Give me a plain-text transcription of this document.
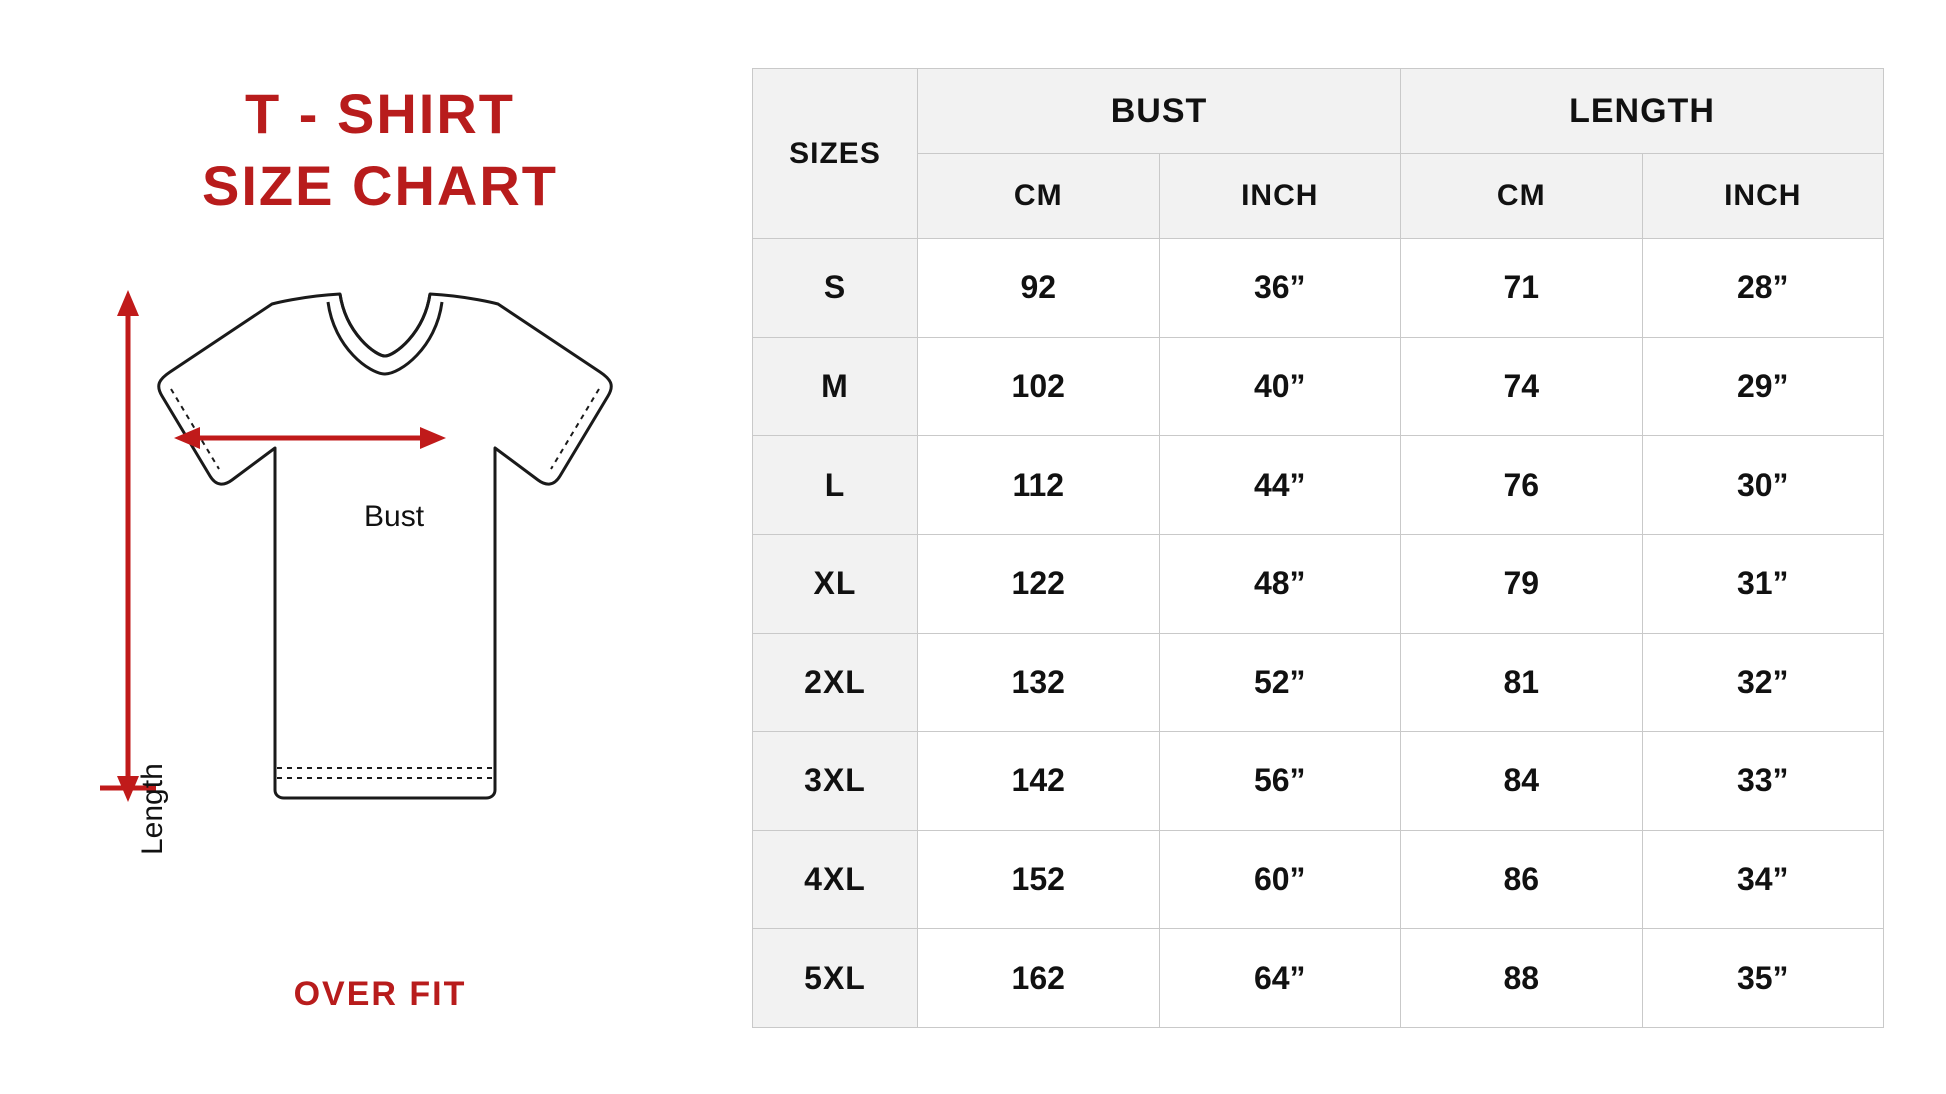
T - SHIRT
SIZE CHART
Bust
Length
OVER FIT
SIZES	BUST		LENGTH	
	CM	INCH	CM	INCH
S	92	36”	71	28”
M	102	40”	74	29”
L	112	44”	76	30”
XL	122	48”	79	31”
2XL	132	52”	81	32”
3XL	142	56”	84	33”
4XL	152	60”	86	34”
5XL	162	64”	88	35”
